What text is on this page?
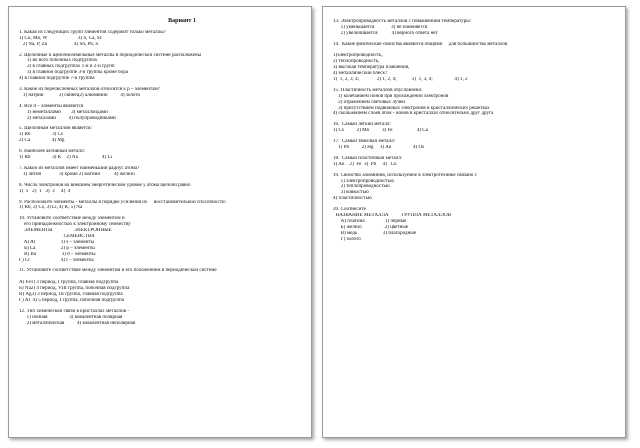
Вариант 1
1. Какая из следующих групп элементов содержит только металлы?
1) Cu, Mn, W                        3) S, Ca, Sc
2) Na, P, Zn                     4) Sn, Pb, S
2. Щелочные и щелочноземельные металлы в периодической системе расположены
1) во всех побочных подгруппах
2) в главных подгруппах 1-й и 2-й групп
3) в главной подгруппе 3-й группы кроме бора
4) в главной подгруппе 7-й группы
3. Какие из перечисленных металлов относятся к р – элементам?
1) натрий            3) свинец2) алюминий          4) золото
4. Все d – элементы являются
1) неметаллами        3) металлоидами
2) металлами          4) полупроводниками
5. Щелочным металлом является:
1) Rb                 3) Cs
2) Ca                 4) Mg
6. Наиболее активный металл:
1) Rb                 3) K    2) Na                   4) Li
7. Какой из металлов имеет наименьший радиус атома?
1) литий              3) кроме 2) магний           4) железо
8. Число электронов на внешнем энергетическом уровне у атома щелочи равно
1)  1   2)  1   3)  3     4)  4
9. Расположите элементы - металлы в порядке усиления их     восстановительной способности:
1) Rb, 2) Cs, 3) Li, 4) K, 5) Na
10. Установите соответствие между элементом и
его принадлежностью к электронному семейству
ЭЛЕМЕНТЫ                 ЭЛЕКТРОННЫЕ
СЕМЕЙСТВА
A) Al                    1) s – элементы
Б) La                    2) p – элементы
В) Ba                    3) d – элементы
Г) Cr                        4) f – элементы
11. Установите соответствие между элементом и его положением в периодической системе
A) Fe1) 3 период, I группа, главная подгруппа
Б) Na2) 4 период, VIII группа, побочная подгруппа
В) Ag3) 3 период, III группа, главная подгруппа
Г) Al  4) 5 период, I группа, побочная подгруппа
12. Тип химической связи в кристаллах металлов -
1) ионная                 3) ковалентная полярная
2) металлическая          4) ковалентная неполярная
13. Электропроводность металлов с повышением температуры:
1) уменьшается             3) не изменяется
2) увеличивается           4) верного ответа нет
14.  Какие физические свойства являются общими     для большинства металлов
1)электропроводность,
2) теплопроводность,
3) высокая температура плавления,
4) металлический блеск?
1)  1, 2, 3, 4;              2) 1, 2, 4;            3)  1, 3, 4;                 4) 1, 2
15. Пластичность металлов обусловлена:
1) колебанием ионов при прохождении электронов
2) отражением световых лучей
3) присутствием подвижных электронов в кристаллических решётках
4) скольжением слоёв атом - ионов в кристаллах относительно друг друга
16.  Самый лёгкий металл:
1) Cs          2) Mn          3) Fe                   4) Ca
17.  Самый тяжёлый металл:
1) Pb          2) Hg     3) Au                 4) Os
18.  Самый пластичный металл:
1) Au    2)  Fe  3)  Pb     4)   Cu
19. Свойство алюминия, используемое в электротехнике связано с
1) электропроводностью
2) теплопроводностью
3) ковкостью
4) пластичностью
20. Соотнесите
НАЗВАНИЕ МЕТАЛЛА          ГРУППА МЕТАЛЛОВ
А) платина                1) чёрные
Б) железо                  2) цветные
В) медь                    3) благородные
Г) золото
